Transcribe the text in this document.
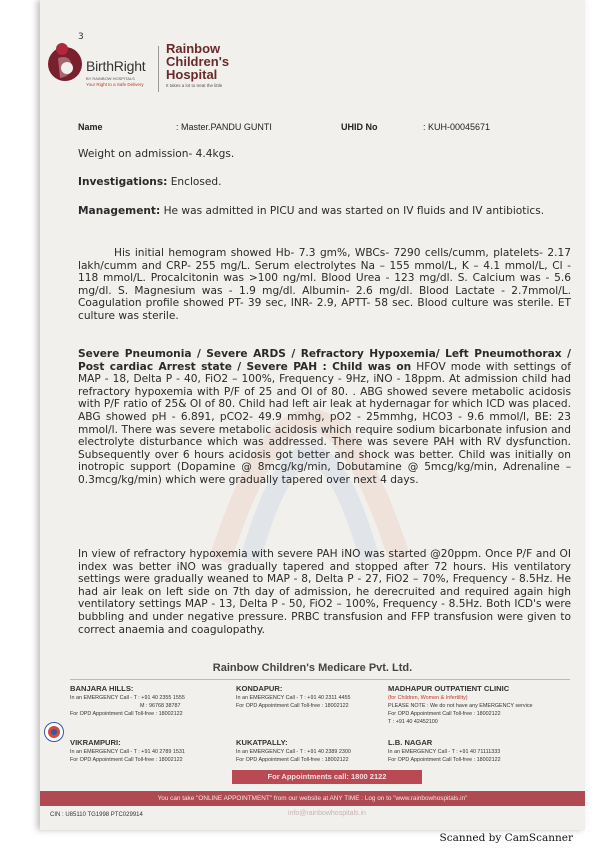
3
BirthRight
BY RAINBOW HOSPITALS
Your Right to a Safe Delivery
Rainbow
Children's
Hospital
It takes a lot to treat the little
Name	: Master.PANDU GUNTI	UHID No	: KUH-00045671

Weight on admission- 4.4kgs.

Investigations: Enclosed.

Management: He was admitted in PICU and was started on IV fluids and IV antibiotics.

His initial hemogram showed Hb- 7.3 gm%, WBCs- 7290 cells/cumm, platelets- 2.17 lakh/cumm and CRP- 255 mg/L. Serum electrolytes Na – 155 mmol/L, K – 4.1 mmol/L, Cl - 118 mmol/L. Procalcitonin was >100 ng/ml. Blood Urea - 123 mg/dl. S. Calcium was - 5.6 mg/dl. S. Magnesium was - 1.9 mg/dl. Albumin- 2.6 mg/dl. Blood Lactate - 2.7mmol/L. Coagulation profile showed PT- 39 sec, INR- 2.9, APTT- 58 sec. Blood culture was sterile. ET culture was sterile.

Severe Pneumonia / Severe ARDS / Refractory Hypoxemia/ Left Pneumothorax / Post cardiac Arrest state / Severe PAH : Child was on HFOV mode with settings of MAP - 18, Delta P - 40, FiO2 – 100%, Frequency - 9Hz, iNO - 18ppm. At admission child had refractory hypoxemia with P/F of 25 and OI of 80. . ABG showed severe metabolic acidosis with P/F ratio of 25& OI of 80. Child had left air leak at hydernagar for which ICD was placed. ABG showed pH - 6.891, pCO2- 49.9 mmhg, pO2 - 25mmhg, HCO3 - 9.6 mmol/l, BE: 23 mmol/l. There was severe metabolic acidosis which require sodium bicarbonate infusion and electrolyte disturbance which was addressed. There was severe PAH with RV dysfunction. Subsequently over 6 hours acidosis got better and shock was better. Child was initially on inotropic support (Dopamine @ 8mcg/kg/min, Dobutamine @ 5mcg/kg/min, Adrenaline – 0.3mcg/kg/min) which were gradually tapered over next 4 days.

In view of refractory hypoxemia with severe PAH iNO was started @20ppm. Once P/F and OI index was better iNO was gradually tapered and stopped after 72 hours. His ventilatory settings were gradually weaned to MAP - 8, Delta P - 27, FiO2 – 70%, Frequency - 8.5Hz. He had air leak on left side on 7th day of admission, he derecruited and required again high ventilatory settings MAP - 13, Delta P - 50, FiO2 – 100%, Frequency - 8.5Hz. Both ICD's were bubbling and under negative pressure. PRBC transfusion and FFP transfusion were given to correct anaemia and coagulopathy.

Rainbow Children's Medicare Pvt. Ltd.
BANJARA HILLS:
In an EMERGENCY Call - T : +91 40 2355 1555
M : 96768 38787
For OPD Appointment Call Toll-free : 18002122
KONDAPUR:
In an EMERGENCY Call - T : +91 40 2311 4455
For OPD Appointment Call Toll-free : 18002122
MADHAPUR OUTPATIENT CLINIC
(for Children, Women & Infertility)
PLEASE NOTE : We do not have any EMERGENCY service
For OPD Appointment Call Toll-free : 18002122
T : +91 40 42452100
VIKRAMPURI:
In an EMERGENCY Call - T : +91 40 2789 1531
For OPD Appointment Call Toll-free : 18002122
KUKATPALLY:
In an EMERGENCY Call - T : +91 40 2389 2300
For OPD Appointment Call Toll-free : 18002122
L.B. NAGAR
In an EMERGENCY Call - T : +91 40 71111333
For OPD Appointment Call Toll-free : 18002122
For Appointments call: 1800 2122
You can take "ONLINE APPOINTMENT" from our website at ANY TIME : Log on to "www.rainbowhospitals.in"
CIN : U85110 TG1998 PTC029914	info@rainbowhospitals.in
Scanned by CamScanner
